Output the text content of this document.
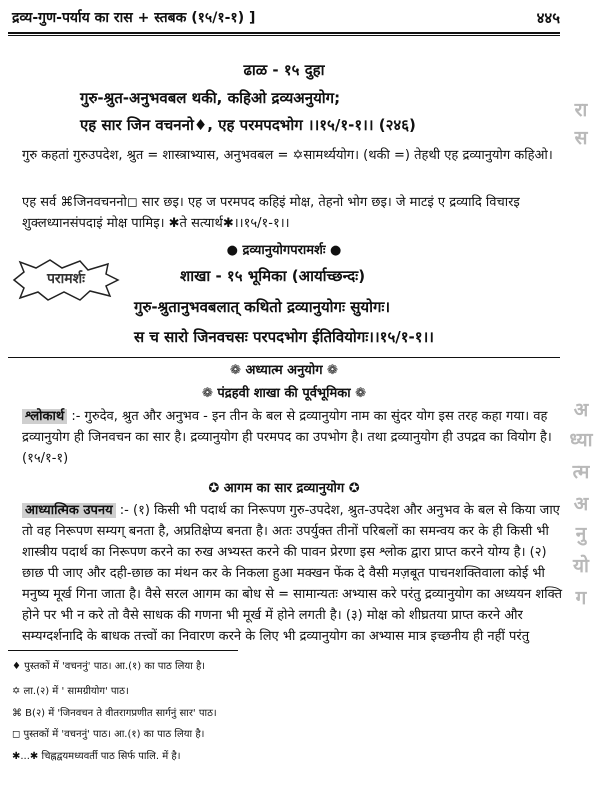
द्रव्य-गुण-पर्याय का रास + स्तबक (१५/१-१) ]	४४५
ढाळ - १५ दुहा
गुरु-श्रुत-अनुभवबल थकी, कहिओ द्रव्यअनुयोग;
एह सार जिन वचननो♦, एह परमपदभोग ।।१५/१-१।। (२४६)
गुरु कहतां गुरुउपदेश, श्रुत = शास्त्राभ्यास, अनुभवबल = ✡सामर्थ्ययोग। (थकी =) तेहथी एह द्रव्यानुयोग कहिओ।
एह सर्व ⌘जिनवचननो◻ सार छइ। एह ज परमपद कहिइं मोक्ष, तेहनो भोग छइ। जे माटइं ए द्रव्यादि विचारइ शुक्लध्यानसंपदाइं मोक्ष पामिइ। ✱ते सत्यार्थ✱।।१५/१-१।।
● द्रव्यानुयोगपरामर्शः ●
परामर्शः	शाखा - १५ भूमिका (आर्याच्छन्दः)
गुरु-श्रुतानुभवबलात् कथितो द्रव्यानुयोगः सुयोगः।
स च सारो जिनवचसः परपदभोग ईतिवियोगः।।१५/१-१।।
❁ अध्यात्म अनुयोग ❁
❁ पंद्रहवी शाखा की पूर्वभूमिका ❁
श्लोकार्थ :- गुरुदेव, श्रुत और अनुभव - इन तीन के बल से द्रव्यानुयोग नाम का सुंदर योग इस तरह कहा गया। वह द्रव्यानुयोग ही जिनवचन का सार है। द्रव्यानुयोग ही परमपद का उपभोग है। तथा द्रव्यानुयोग ही उपद्रव का वियोग है। (१५/१-१)
✪ आगम का सार द्रव्यानुयोग ✪
आध्यात्मिक उपनय :- (१) किसी भी पदार्थ का निरूपण गुरु-उपदेश, श्रुत-उपदेश और अनुभव के बल से किया जाए तो वह निरूपण सम्यग् बनता है, अप्रतिक्षेप्य बनता है। अतः उपर्युक्त तीनों परिबलों का समन्वय कर के ही किसी भी शास्त्रीय पदार्थ का निरूपण करने का रुख अभ्यस्त करने की पावन प्रेरणा इस श्लोक द्वारा प्राप्त करने योग्य है। (२) छाछ पी जाए और दही-छाछ का मंथन कर के निकला हुआ मक्खन फेंक दे वैसी मज़बूत पाचनशक्तिवाला कोई भी मनुष्य मूर्ख गिना जाता है। वैसे सरल आगम का बोध से = सामान्यतः अभ्यास करे परंतु द्रव्यानुयोग का अध्ययन शक्ति होने पर भी न करे तो वैसे साधक की गणना भी मूर्ख में होने लगती है। (३) मोक्ष को शीघ्रतया प्राप्त करने और सम्यग्दर्शनादि के बाधक तत्त्वों का निवारण करने के लिए भी द्रव्यानुयोग का अभ्यास मात्र इच्छनीय ही नहीं परंतु
♦ पुस्तकों में 'वचननुं' पाठ। आ.(१) का पाठ लिया है।
✡ ला.(२) में ' सामग्रीयोग' पाठ।
⌘ B(२) में 'जिनवचन ते वीतरागप्रणीत सार्गनुं सार' पाठ।
◻ पुस्तकों में 'वचननुं' पाठ। आ.(१) का पाठ लिया है।
✱...✱ चिह्नद्वयमध्यवर्ती पाठ सिर्फ पालि. में है।
रा
स
अ
ध्या
त्म
अ
नु
यो
ग
